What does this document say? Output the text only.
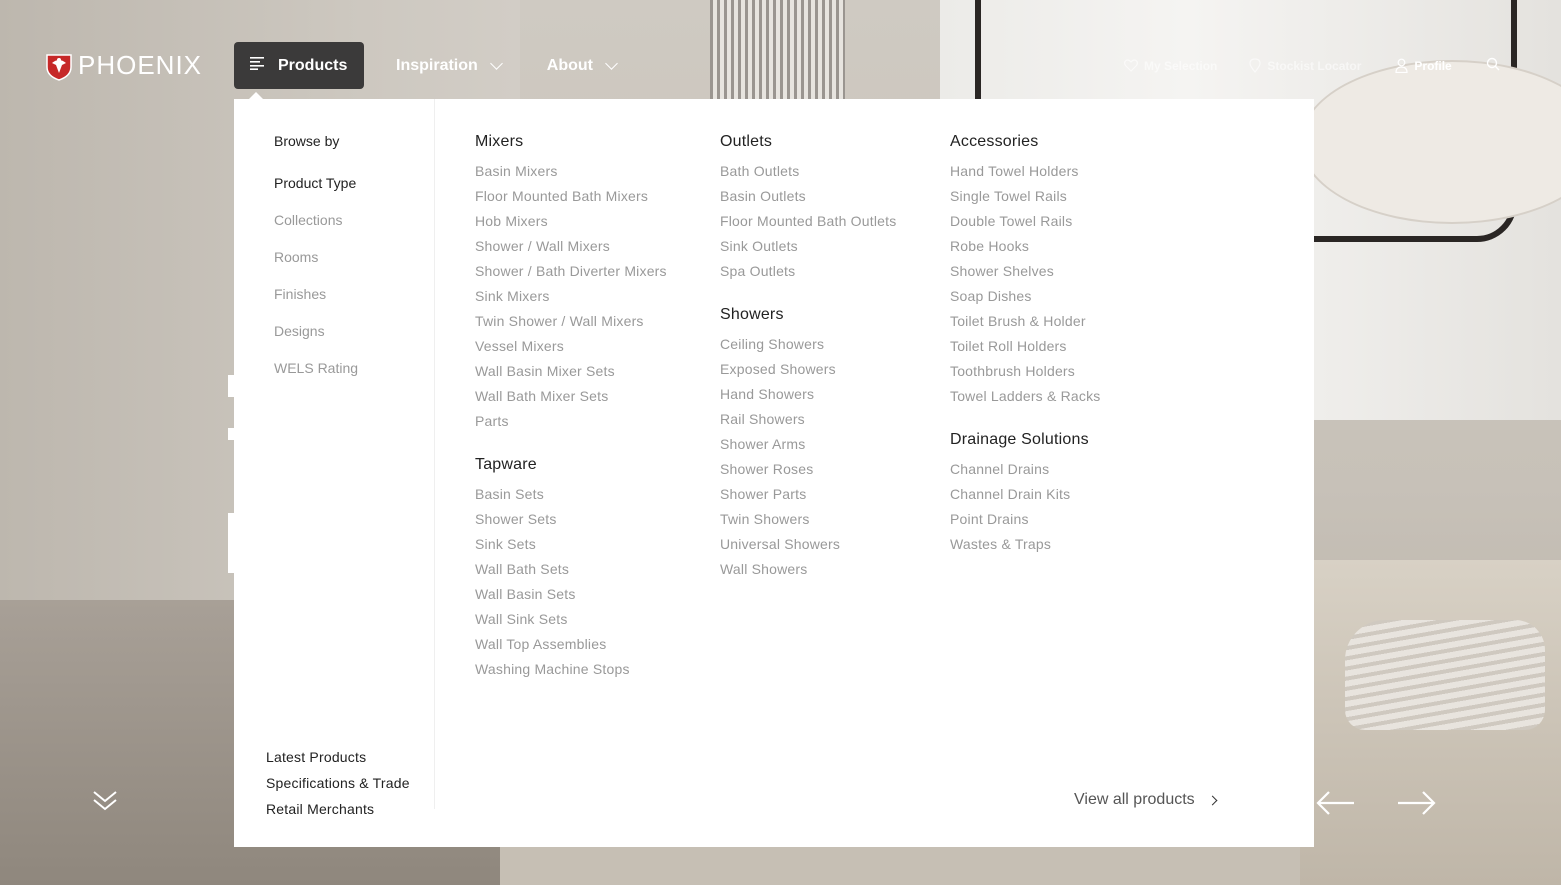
PHOENIX	Products	Inspiration	About	My Selection	Stockist Locator	Profile
Browse by
Product Type
Collections
Rooms
Finishes
Designs
WELS Rating
Latest Products
Specifications & Trade
Retail Merchants
Mixers
Basin Mixers
Floor Mounted Bath Mixers
Hob Mixers
Shower / Wall Mixers
Shower / Bath Diverter Mixers
Sink Mixers
Twin Shower / Wall Mixers
Vessel Mixers
Wall Basin Mixer Sets
Wall Bath Mixer Sets
Parts
Tapware
Basin Sets
Shower Sets
Sink Sets
Wall Bath Sets
Wall Basin Sets
Wall Sink Sets
Wall Top Assemblies
Washing Machine Stops
Outlets
Bath Outlets
Basin Outlets
Floor Mounted Bath Outlets
Sink Outlets
Spa Outlets
Showers
Ceiling Showers
Exposed Showers
Hand Showers
Rail Showers
Shower Arms
Shower Roses
Shower Parts
Twin Showers
Universal Showers
Wall Showers
Accessories
Hand Towel Holders
Single Towel Rails
Double Towel Rails
Robe Hooks
Shower Shelves
Soap Dishes
Toilet Brush & Holder
Toilet Roll Holders
Toothbrush Holders
Towel Ladders & Racks
Drainage Solutions
Channel Drains
Channel Drain Kits
Point Drains
Wastes & Traps
View all products
